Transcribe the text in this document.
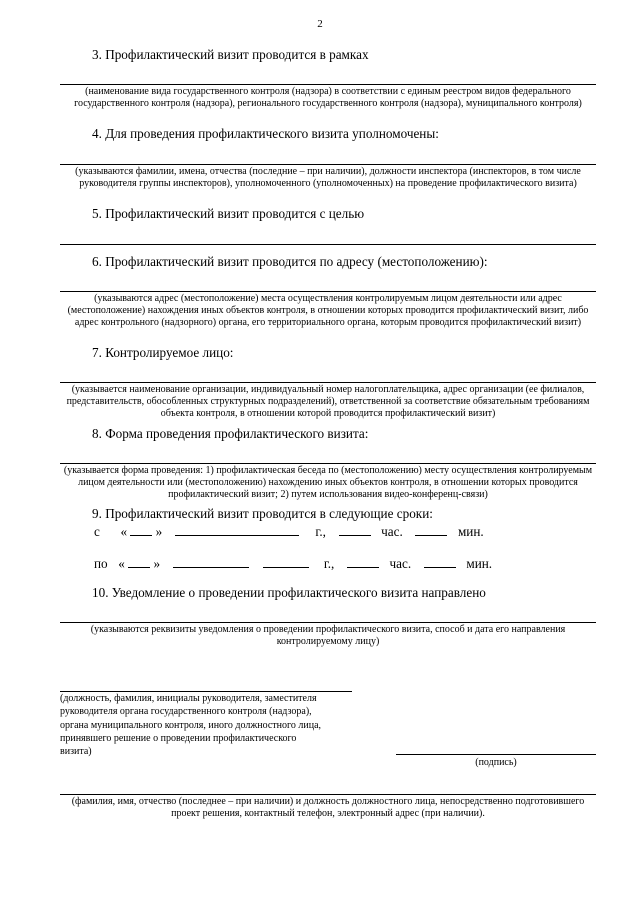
2
3. Профилактический визит проводится в рамках
(наименование вида государственного контроля (надзора) в соответствии с единым реестром видов федерального государственного контроля (надзора), регионального государственного контроля (надзора), муниципального контроля)
4. Для проведения профилактического визита уполномочены:
(указываются фамилии, имена, отчества (последние – при наличии), должности инспектора (инспекторов, в том числе руководителя группы инспекторов), уполномоченного (уполномоченных) на проведение профилактического визита)
5. Профилактический визит проводится с целью
6. Профилактический визит проводится по адресу (местоположению):
(указываются адрес (местоположение) места осуществления контролируемым лицом деятельности или адрес (местоположение) нахождения иных объектов контроля, в отношении которых проводится профилактический визит, либо адрес контрольного (надзорного) органа, его территориального органа, которым проводится профилактический визит)
7. Контролируемое лицо:
(указывается наименование организации, индивидуальный номер налогоплательщика, адрес организации (ее филиалов, представительств, обособленных структурных подразделений), ответственной за соответствие обязательным требованиям объекта контроля, в отношении которой проводится профилактический визит)
8. Форма проведения профилактического визита:
(указывается форма проведения: 1) профилактическая беседа по (местоположению) месту осуществления контролируемым лицом деятельности или (местоположению) нахождению иных объектов контроля, в отношении которых проводится профилактический визит; 2) путем использования видео-конференц-связи)
9. Профилактический визит проводится в следующие сроки:
с « »	г.,	час.	мин.
по « »	г.,	час.	мин.
10. Уведомление о проведении профилактического визита направлено
(указываются реквизиты уведомления о проведении профилактического визита, способ и дата его направления контролируемому лицу)
(должность, фамилия, инициалы руководителя, заместителя
руководителя органа государственного контроля (надзора),
органа муниципального контроля, иного должностного лица,
принявшего решение о проведении профилактического
визита)
(подпись)
(фамилия, имя, отчество (последнее – при наличии) и должность должностного лица, непосредственно подготовившего проект решения, контактный телефон, электронный адрес (при наличии).
